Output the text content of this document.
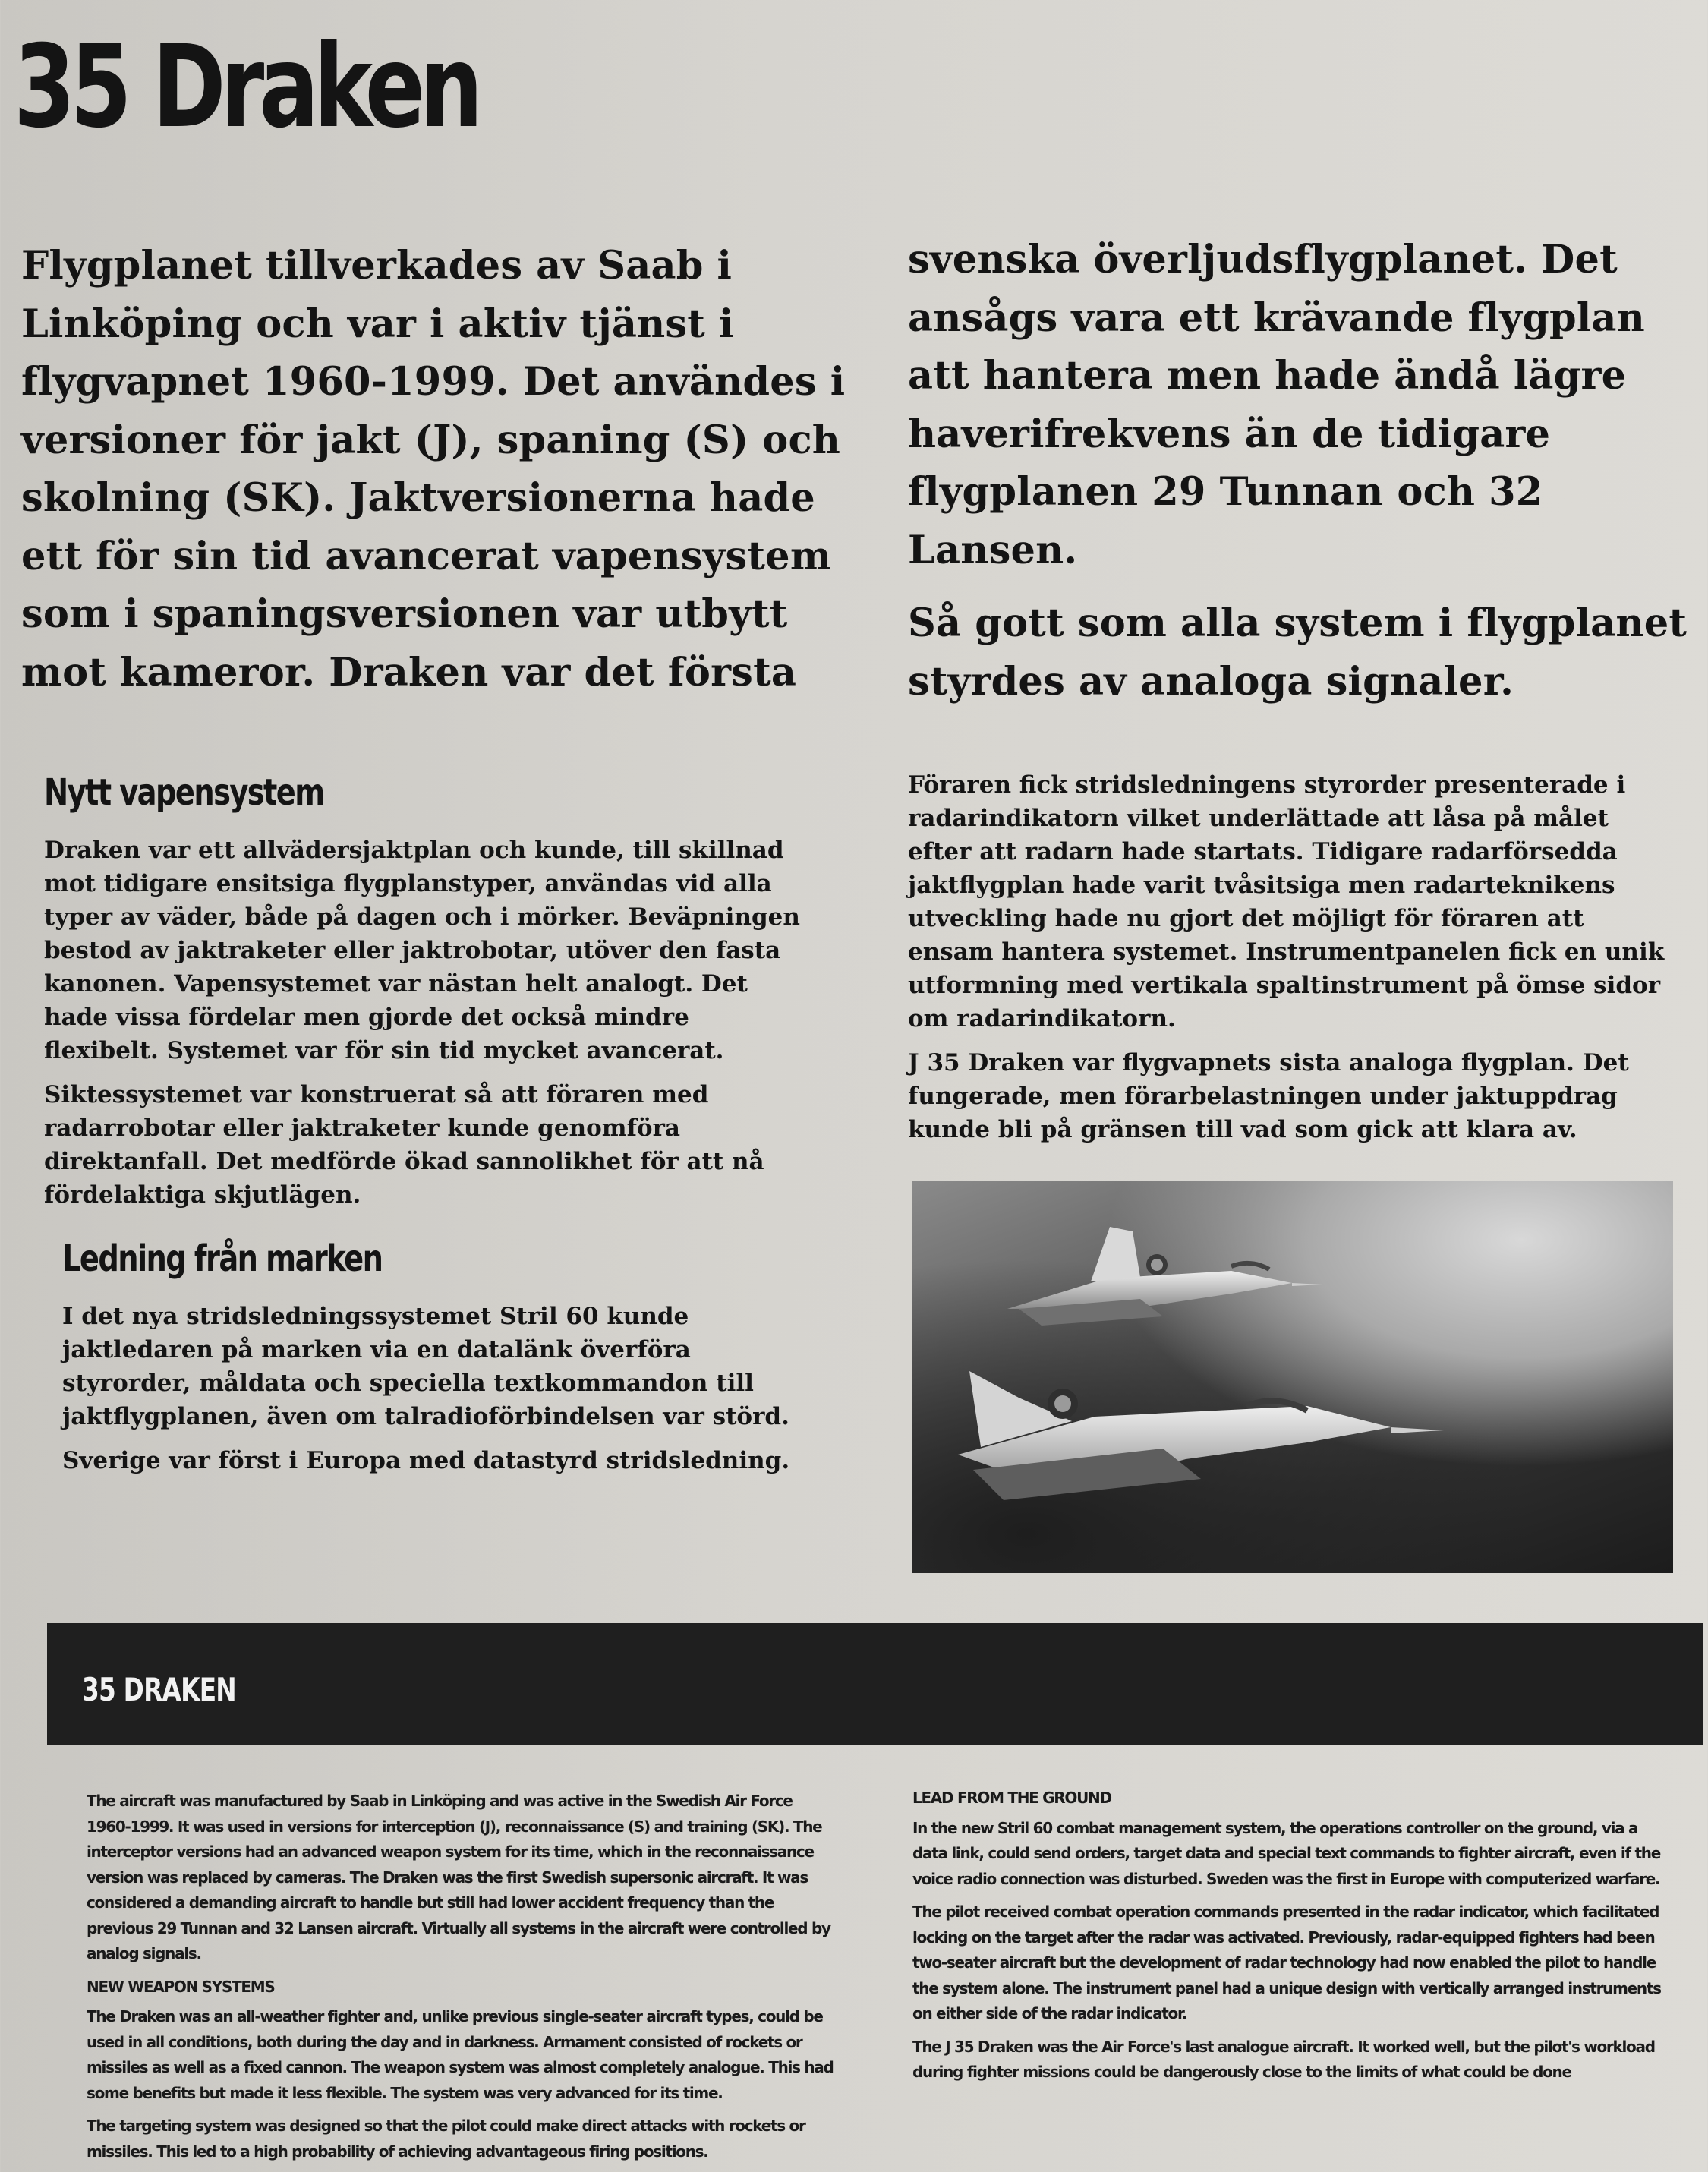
35 Draken

Flygplanet tillverkades av Saab i Linköping och var i aktiv tjänst i flygvapnet 1960-1999. Det användes i versioner för jakt (J), spaning (S) och skolning (SK). Jaktversionerna hade ett för sin tid avancerat vapensystem som i spaningsversionen var utbytt mot kameror. Draken var det första

svenska överljudsflygplanet. Det ansågs vara ett krävande flygplan att hantera men hade ändå lägre haverifrekvens än de tidigare flygplanen 29 Tunnan och 32 Lansen.

Så gott som alla system i flygplanet styrdes av analoga signaler.

Nytt vapensystem

Draken var ett allvädersjaktplan och kunde, till skillnad mot tidigare ensitsiga flygplanstyper, användas vid alla typer av väder, både på dagen och i mörker. Beväpningen bestod av jaktraketer eller jaktrobotar, utöver den fasta kanonen. Vapensystemet var nästan helt analogt. Det hade vissa fördelar men gjorde det också mindre flexibelt. Systemet var för sin tid mycket avancerat.

Siktessystemet var konstruerat så att föraren med radarrobotar eller jaktraketer kunde genomföra direktanfall. Det medförde ökad sannolikhet för att nå fördelaktiga skjutlägen.

Ledning från marken

I det nya stridsledningssystemet Stril 60 kunde jaktledaren på marken via en datalänk överföra styrorder, måldata och speciella textkommandon till jaktflygplanen, även om talradioförbindelsen var störd.

Sverige var först i Europa med datastyrd stridsledning.

Föraren fick stridsledningens styrorder presenterade i radarindikatorn vilket underlättade att låsa på målet efter att radarn hade startats. Tidigare radarförsedda jaktflygplan hade varit tvåsitsiga men radarteknikens utveckling hade nu gjort det möjligt för föraren att ensam hantera systemet. Instrumentpanelen fick en unik utformning med vertikala spaltinstrument på ömse sidor om radarindikatorn.

J 35 Draken var flygvapnets sista analoga flygplan. Det fungerade, men förarbelastningen under jaktuppdrag kunde bli på gränsen till vad som gick att klara av.

35 DRAKEN

The aircraft was manufactured by Saab in Linköping and was active in the Swedish Air Force 1960-1999. It was used in versions for interception (J), reconnaissance (S) and training (SK). The interceptor versions had an advanced weapon system for its time, which in the reconnaissance version was replaced by cameras. The Draken was the first Swedish supersonic aircraft. It was considered a demanding aircraft to handle but still had lower accident frequency than the previous 29 Tunnan and 32 Lansen aircraft. Virtually all systems in the aircraft were controlled by analog signals.

NEW WEAPON SYSTEMS

The Draken was an all-weather fighter and, unlike previous single-seater aircraft types, could be used in all conditions, both during the day and in darkness. Armament consisted of rockets or missiles as well as a fixed cannon. The weapon system was almost completely analogue. This had some benefits but made it less flexible. The system was very advanced for its time.

The targeting system was designed so that the pilot could make direct attacks with rockets or missiles. This led to a high probability of achieving advantageous firing positions.

LEAD FROM THE GROUND

In the new Stril 60 combat management system, the operations controller on the ground, via a data link, could send orders, target data and special text commands to fighter aircraft, even if the voice radio connection was disturbed. Sweden was the first in Europe with computerized warfare.

The pilot received combat operation commands presented in the radar indicator, which facilitated locking on the target after the radar was activated. Previously, radar-equipped fighters had been two-seater aircraft but the development of radar technology had now enabled the pilot to handle the system alone. The instrument panel had a unique design with vertically arranged instruments on either side of the radar indicator.

The J 35 Draken was the Air Force's last analogue aircraft. It worked well, but the pilot's workload during fighter missions could be dangerously close to the limits of what could be done
